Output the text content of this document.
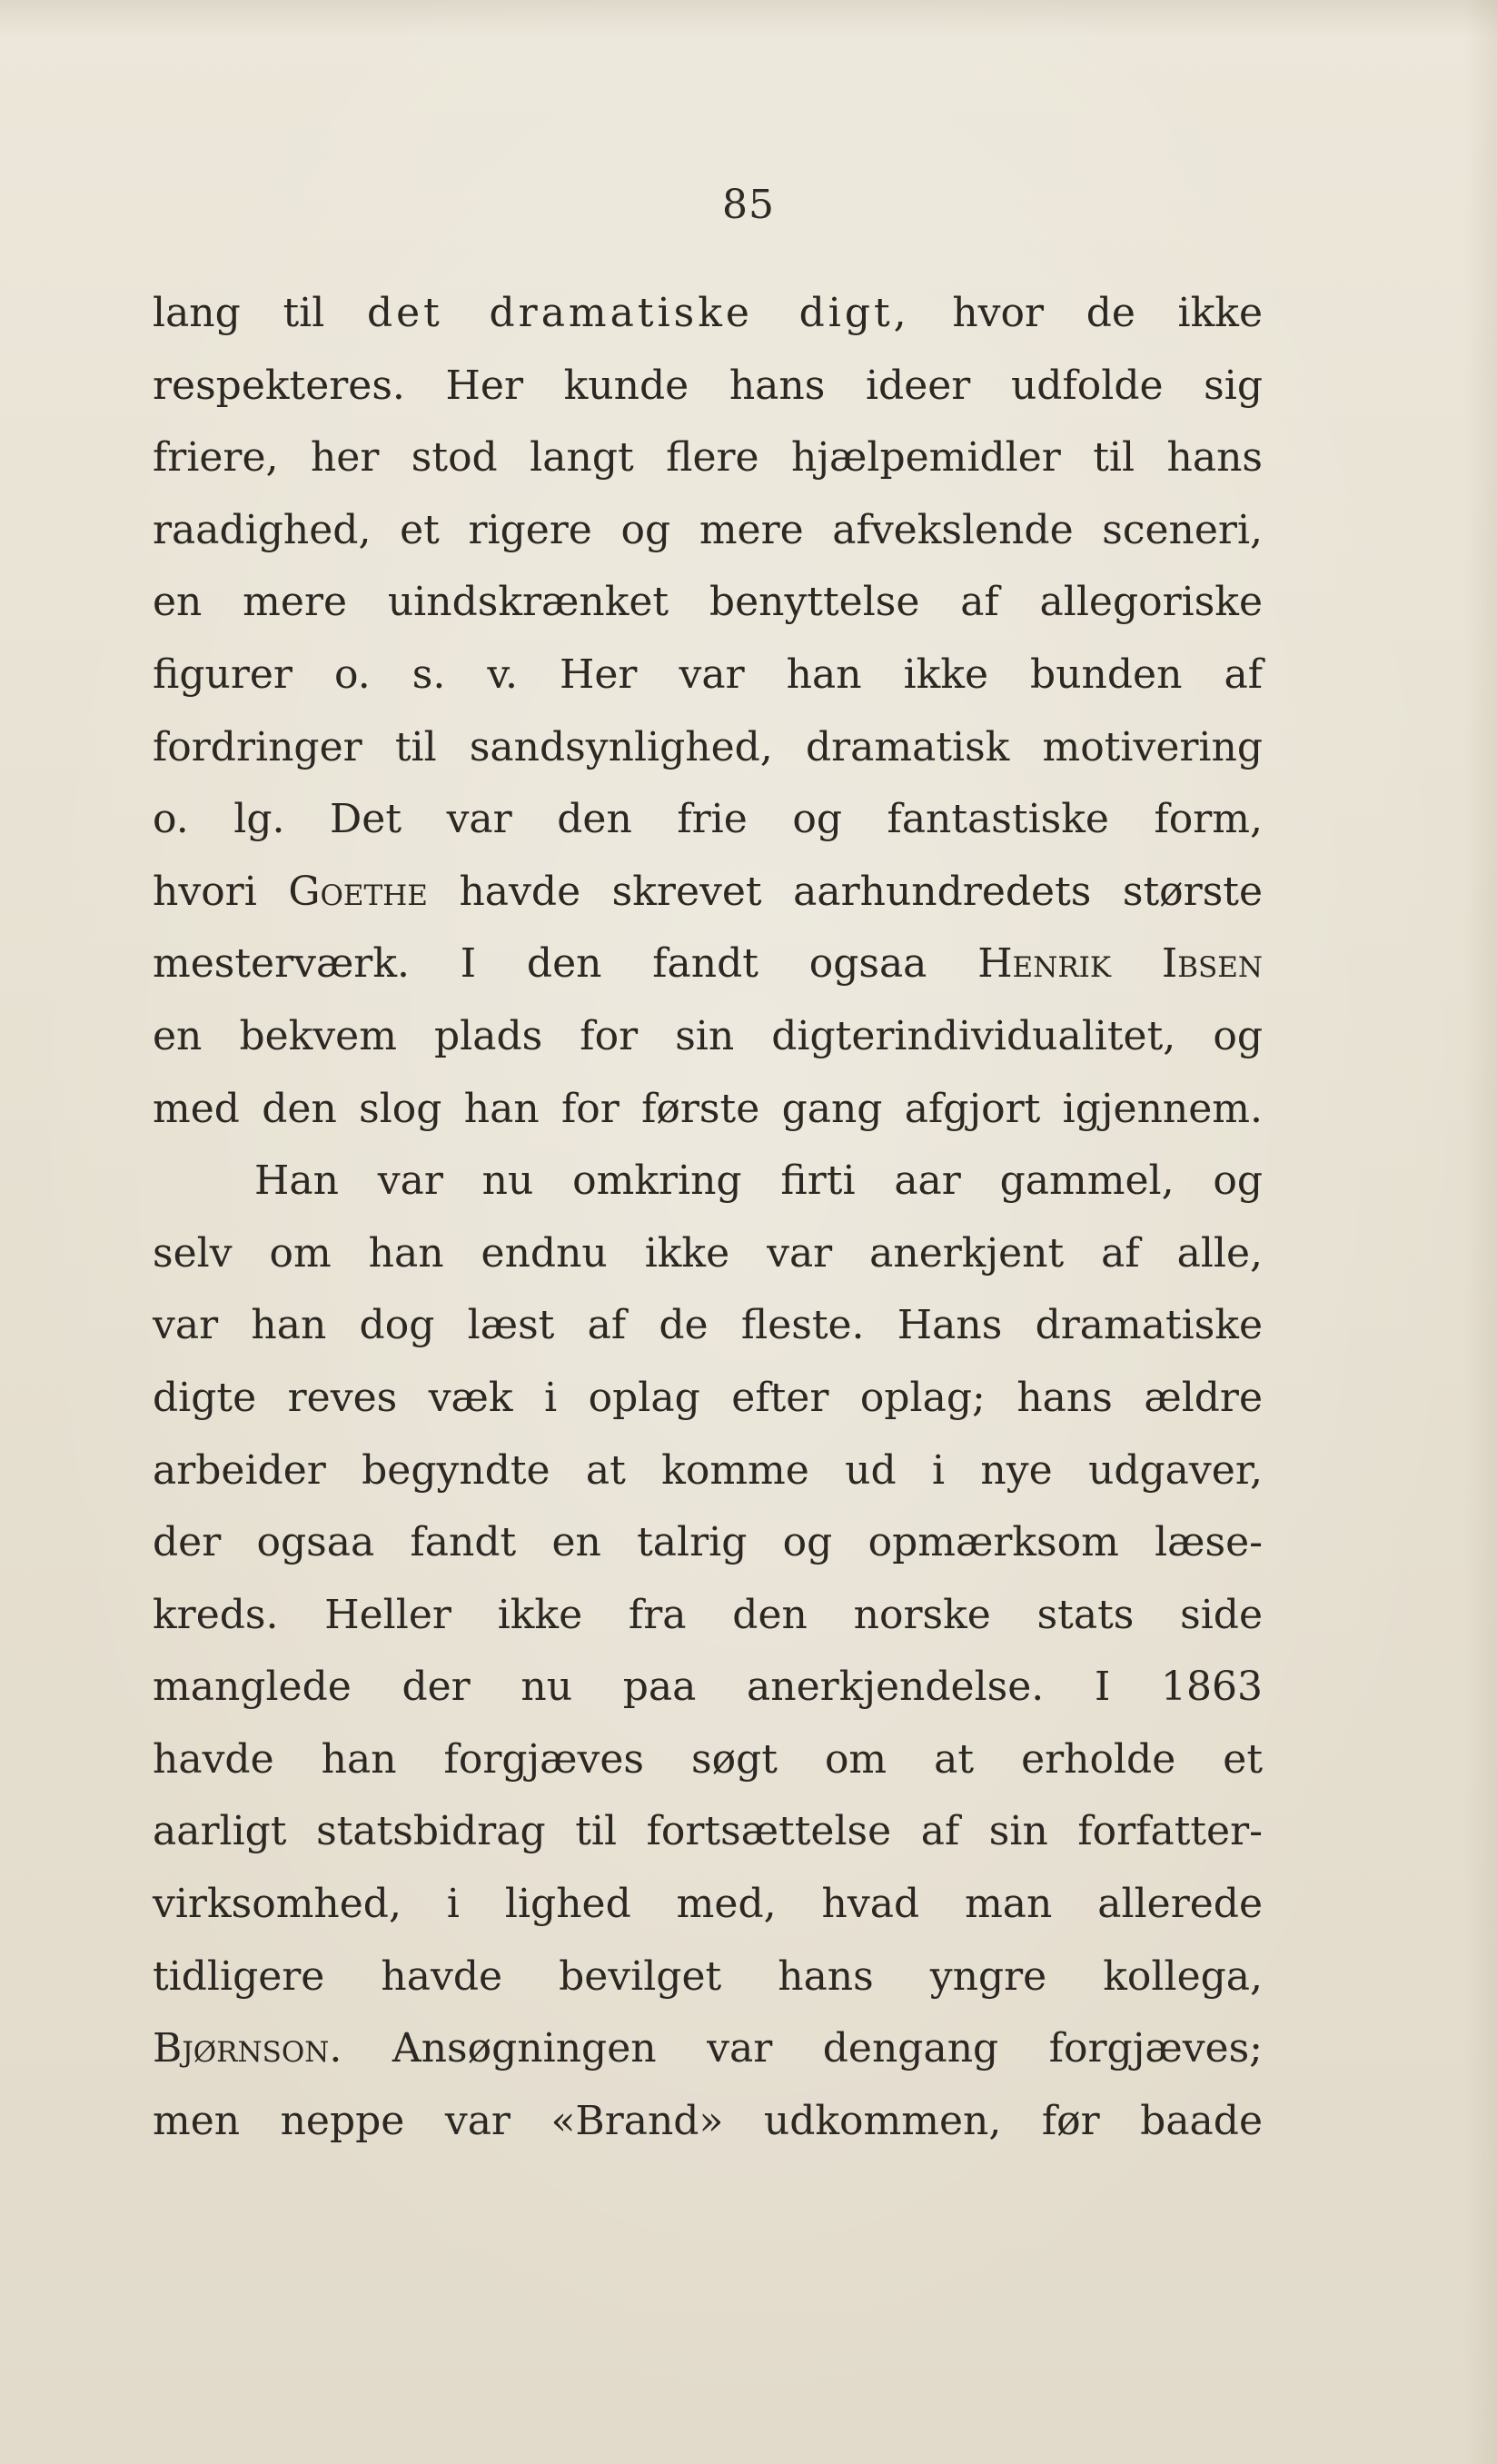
85
lang til det dramatiske digt, hvor de ikke
respekteres. Her kunde hans ideer udfolde sig
friere, her stod langt flere hjælpemidler til hans
raadighed, et rigere og mere afvekslende sceneri,
en mere uindskrænket benyttelse af allegoriske
figurer o. s. v. Her var han ikke bunden af
fordringer til sandsynlighed, dramatisk motivering
o. lg. Det var den frie og fantastiske form,
hvori Goethe havde skrevet aarhundredets største
mesterværk. I den fandt ogsaa Henrik Ibsen
en bekvem plads for sin digterindividualitet, og
med den slog han for første gang afgjort igjennem.
Han var nu omkring firti aar gammel, og
selv om han endnu ikke var anerkjent af alle,
var han dog læst af de fleste. Hans dramatiske
digte reves væk i oplag efter oplag; hans ældre
arbeider begyndte at komme ud i nye udgaver,
der ogsaa fandt en talrig og opmærksom læse-
kreds. Heller ikke fra den norske stats side
manglede der nu paa anerkjendelse. I 1863
havde han forgjæves søgt om at erholde et
aarligt statsbidrag til fortsættelse af sin forfatter-
virksomhed, i lighed med, hvad man allerede
tidligere havde bevilget hans yngre kollega,
Bjørnson. Ansøgningen var dengang forgjæves;
men neppe var «Brand» udkommen, før baade
